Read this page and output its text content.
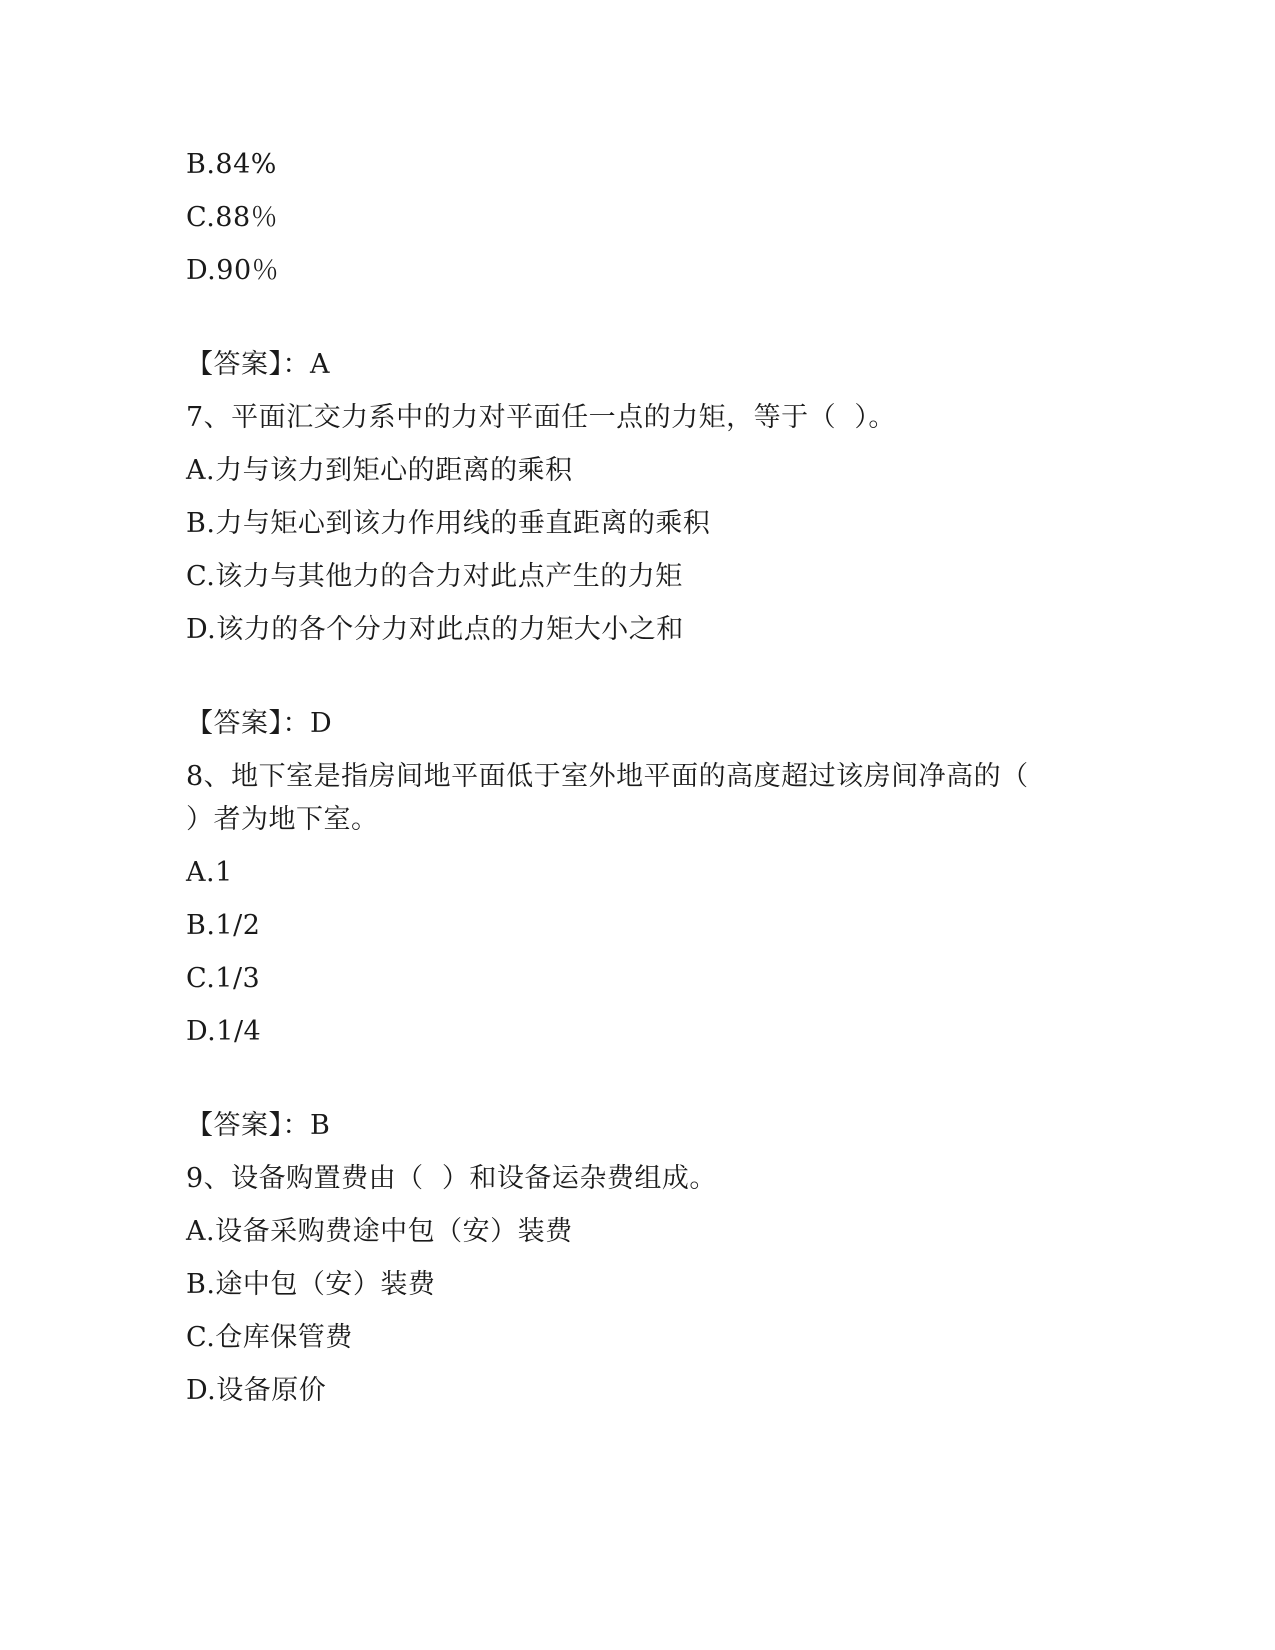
B.84%
C.88％
D.90％
【答案】：A
7、平面汇交力系中的力对平面任一点的力矩，等于（  ）。
A.力与该力到矩心的距离的乘积
B.力与矩心到该力作用线的垂直距离的乘积
C.该力与其他力的合力对此点产生的力矩
D.该力的各个分力对此点的力矩大小之和
【答案】：D
8、地下室是指房间地平面低于室外地平面的高度超过该房间净高的（
）者为地下室。
A.1
B.1/2
C.1/3
D.1/4
【答案】：B
9、设备购置费由（  ）和设备运杂费组成。
A.设备采购费途中包（安）装费
B.途中包（安）装费
C.仓库保管费
D.设备原价
